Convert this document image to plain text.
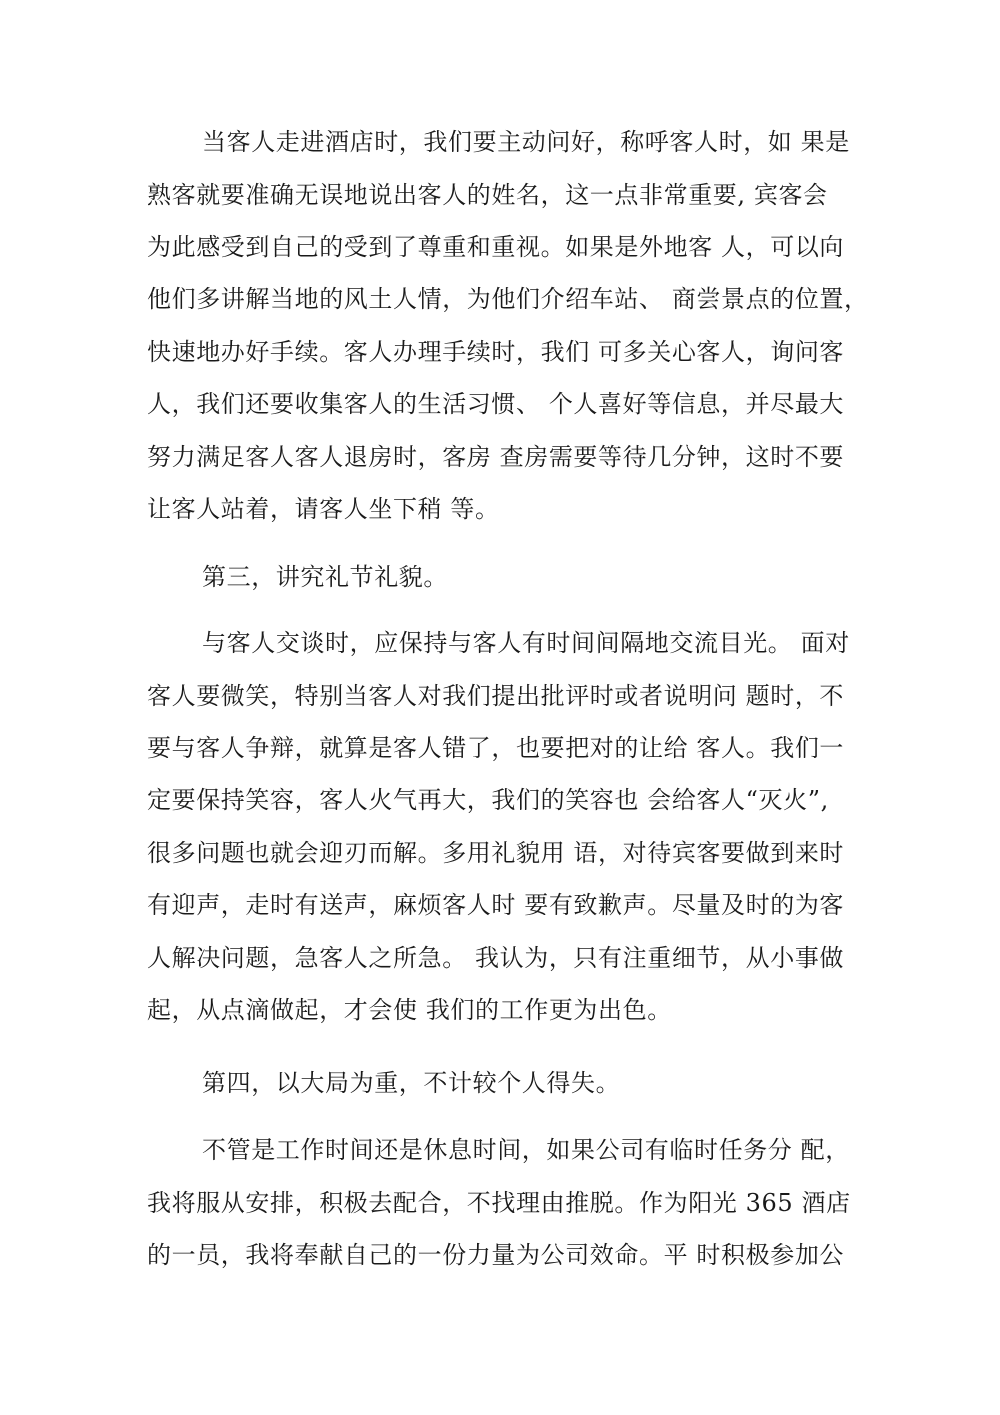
当客人走进酒店时，我们要主动问好，称呼客人时，如 果是
熟客就要准确无误地说出客人的姓名，这一点非常重要, 宾客会
为此感受到自己的受到了尊重和重视。如果是外地客 人，可以向
他们多讲解当地的风土人情，为他们介绍车站、 商尝景点的位置，
快速地办好手续。客人办理手续时，我们 可多关心客人，询问客
人，我们还要收集客人的生活习惯、 个人喜好等信息，并尽最大
努力满足客人客人退房时，客房 查房需要等待几分钟，这时不要
让客人站着，请客人坐下稍 等。
第三，讲究礼节礼貌。
与客人交谈时，应保持与客人有时间间隔地交流目光。 面对
客人要微笑，特别当客人对我们提出批评时或者说明问 题时，不
要与客人争辩，就算是客人错了，也要把对的让给 客人。我们一
定要保持笑容，客人火气再大，我们的笑容也 会给客人“灭火”,
很多问题也就会迎刃而解。多用礼貌用 语，对待宾客要做到来时
有迎声，走时有送声，麻烦客人时 要有致歉声。尽量及时的为客
人解决问题，急客人之所急。 我认为，只有注重细节，从小事做
起，从点滴做起，才会使 我们的工作更为出色。
第四，以大局为重，不计较个人得失。
不管是工作时间还是休息时间，如果公司有临时任务分 配，
我将服从安排，积极去配合，不找理由推脱。作为阳光 365 酒店
的一员，我将奉献自己的一份力量为公司效命。平 时积极参加公
